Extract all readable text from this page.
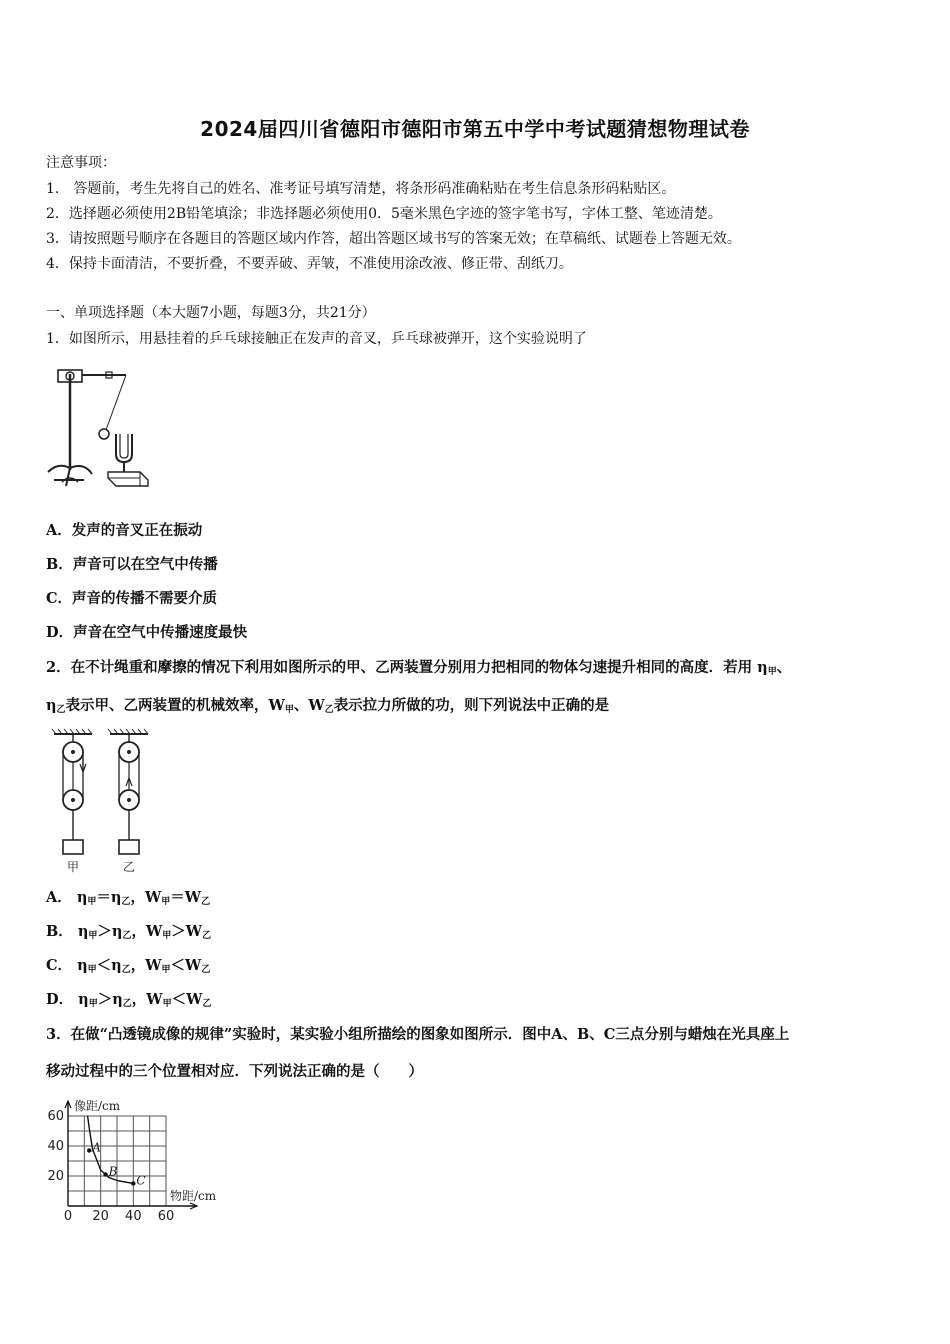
2024届四川省德阳市德阳市第五中学中考试题猜想物理试卷
注意事项：
1.　答题前，考生先将自己的姓名、准考证号填写清楚，将条形码准确粘贴在考生信息条形码粘贴区。
2．选择题必须使用2B铅笔填涂；非选择题必须使用0．5毫米黑色字迹的签字笔书写，字体工整、笔迹清楚。
3．请按照题号顺序在各题目的答题区域内作答，超出答题区域书写的答案无效；在草稿纸、试题卷上答题无效。
4．保持卡面清洁，不要折叠，不要弄破、弄皱，不准使用涂改液、修正带、刮纸刀。
一、单项选择题（本大题7小题，每题3分，共21分）
1．如图所示，用悬挂着的乒乓球接触正在发声的音叉，乒乓球被弹开，这个实验说明了
A．发声的音叉正在振动
B．声音可以在空气中传播
C．声音的传播不需要介质
D．声音在空气中传播速度最快
2．在不计绳重和摩擦的情况下利用如图所示的甲、乙两装置分别用力把相同的物体匀速提升相同的高度．若用 $\eta_甲$、
$\eta_乙$表示甲、乙两装置的机械效率，$W_甲$、$W_乙$表示拉力所做的功，则下列说法中正确的是
甲	乙
A． $\eta_甲=\eta_乙$，$W_甲=W_乙$
B． $\eta_甲>\eta_乙$，$W_甲>W_乙$
C． $\eta_甲<\eta_乙$，$W_甲<W_乙$
D． $\eta_甲>\eta_乙$，$W_甲<W_乙$
3．在做“凸透镜成像的规律”实验时，某实验小组所描绘的图象如图所示．图中A、B、C三点分别与蜡烛在光具座上
移动过程中的三个位置相对应．下列说法正确的是（　　）
0 20 40 60
20
40
60
像距/cm
物距/cm
A
B
C
